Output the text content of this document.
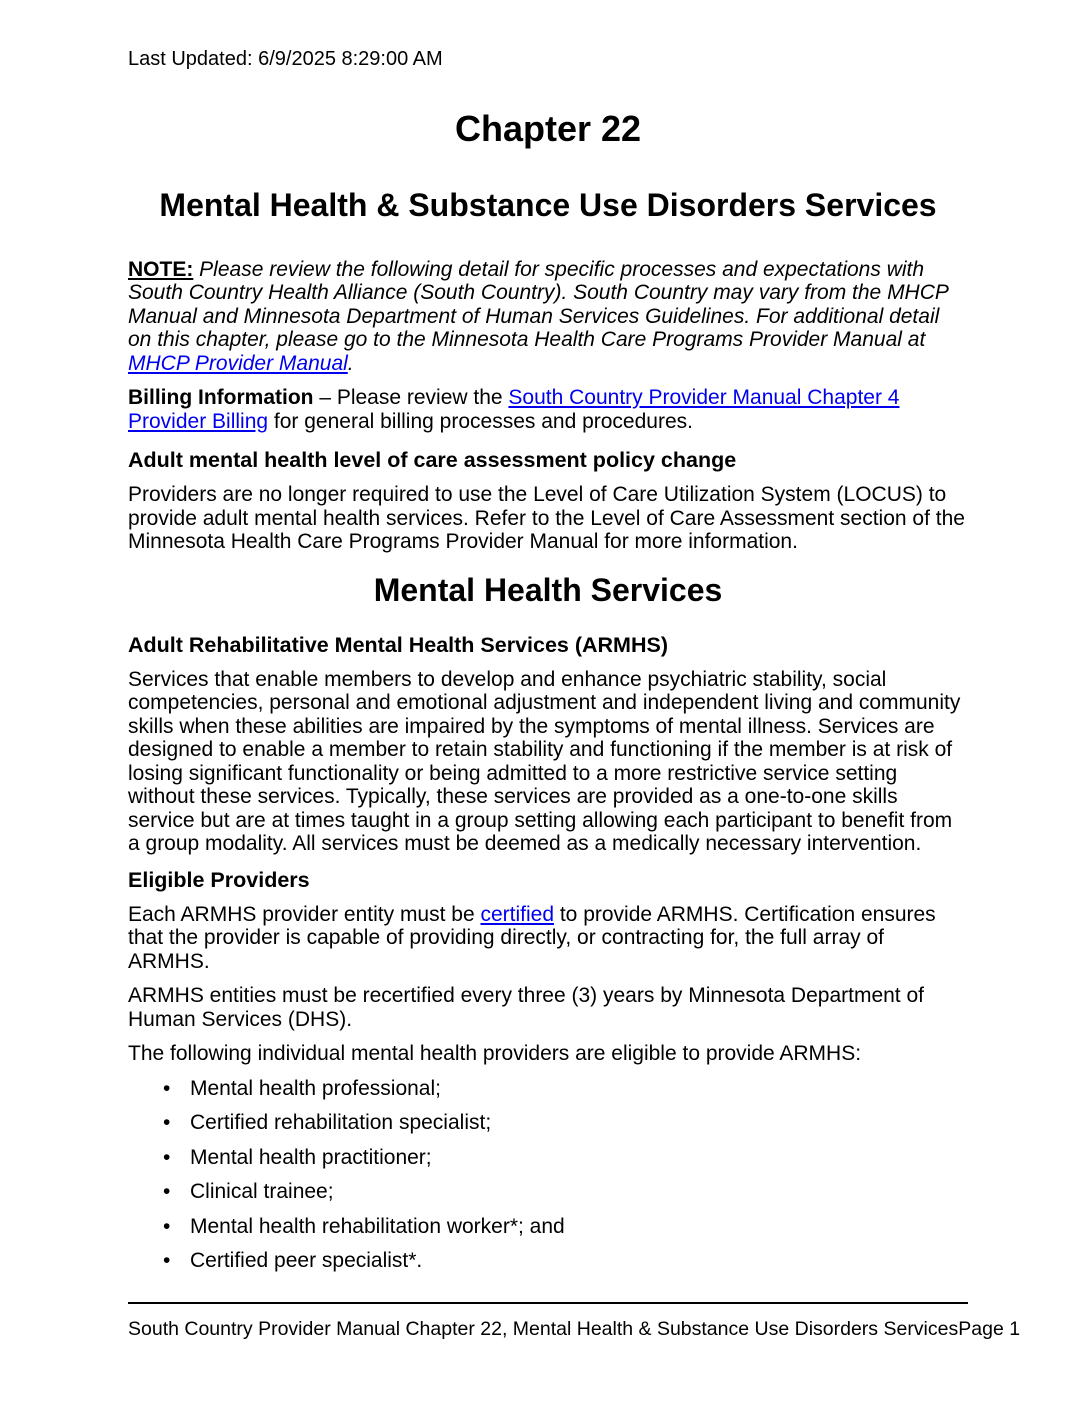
Last Updated: 6/9/2025 8:29:00 AM
Chapter 22
Mental Health & Substance Use Disorders Services

NOTE: Please review the following detail for specific processes and expectations with South Country Health Alliance (South Country). South Country may vary from the MHCP Manual and Minnesota Department of Human Services Guidelines. For additional detail on this chapter, please go to the Minnesota Health Care Programs Provider Manual at MHCP Provider Manual.

Billing Information – Please review the South Country Provider Manual Chapter 4 Provider Billing for general billing processes and procedures.

Adult mental health level of care assessment policy change

Providers are no longer required to use the Level of Care Utilization System (LOCUS) to provide adult mental health services. Refer to the Level of Care Assessment section of the Minnesota Health Care Programs Provider Manual for more information.

Mental Health Services
Adult Rehabilitative Mental Health Services (ARMHS)

Services that enable members to develop and enhance psychiatric stability, social competencies, personal and emotional adjustment and independent living and community skills when these abilities are impaired by the symptoms of mental illness. Services are designed to enable a member to retain stability and functioning if the member is at risk of losing significant functionality or being admitted to a more restrictive service setting without these services. Typically, these services are provided as a one-to-one skills service but are at times taught in a group setting allowing each participant to benefit from a group modality. All services must be deemed as a medically necessary intervention.

Eligible Providers

Each ARMHS provider entity must be certified to provide ARMHS. Certification ensures that the provider is capable of providing directly, or contracting for, the full array of ARMHS.

ARMHS entities must be recertified every three (3) years by Minnesota Department of Human Services (DHS).

The following individual mental health providers are eligible to provide ARMHS:

• Mental health professional;
• Certified rehabilitation specialist;
• Mental health practitioner;
• Clinical trainee;
• Mental health rehabilitation worker*; and
• Certified peer specialist*.
South Country Provider Manual Chapter 22, Mental Health & Substance Use Disorders Services Page 1
